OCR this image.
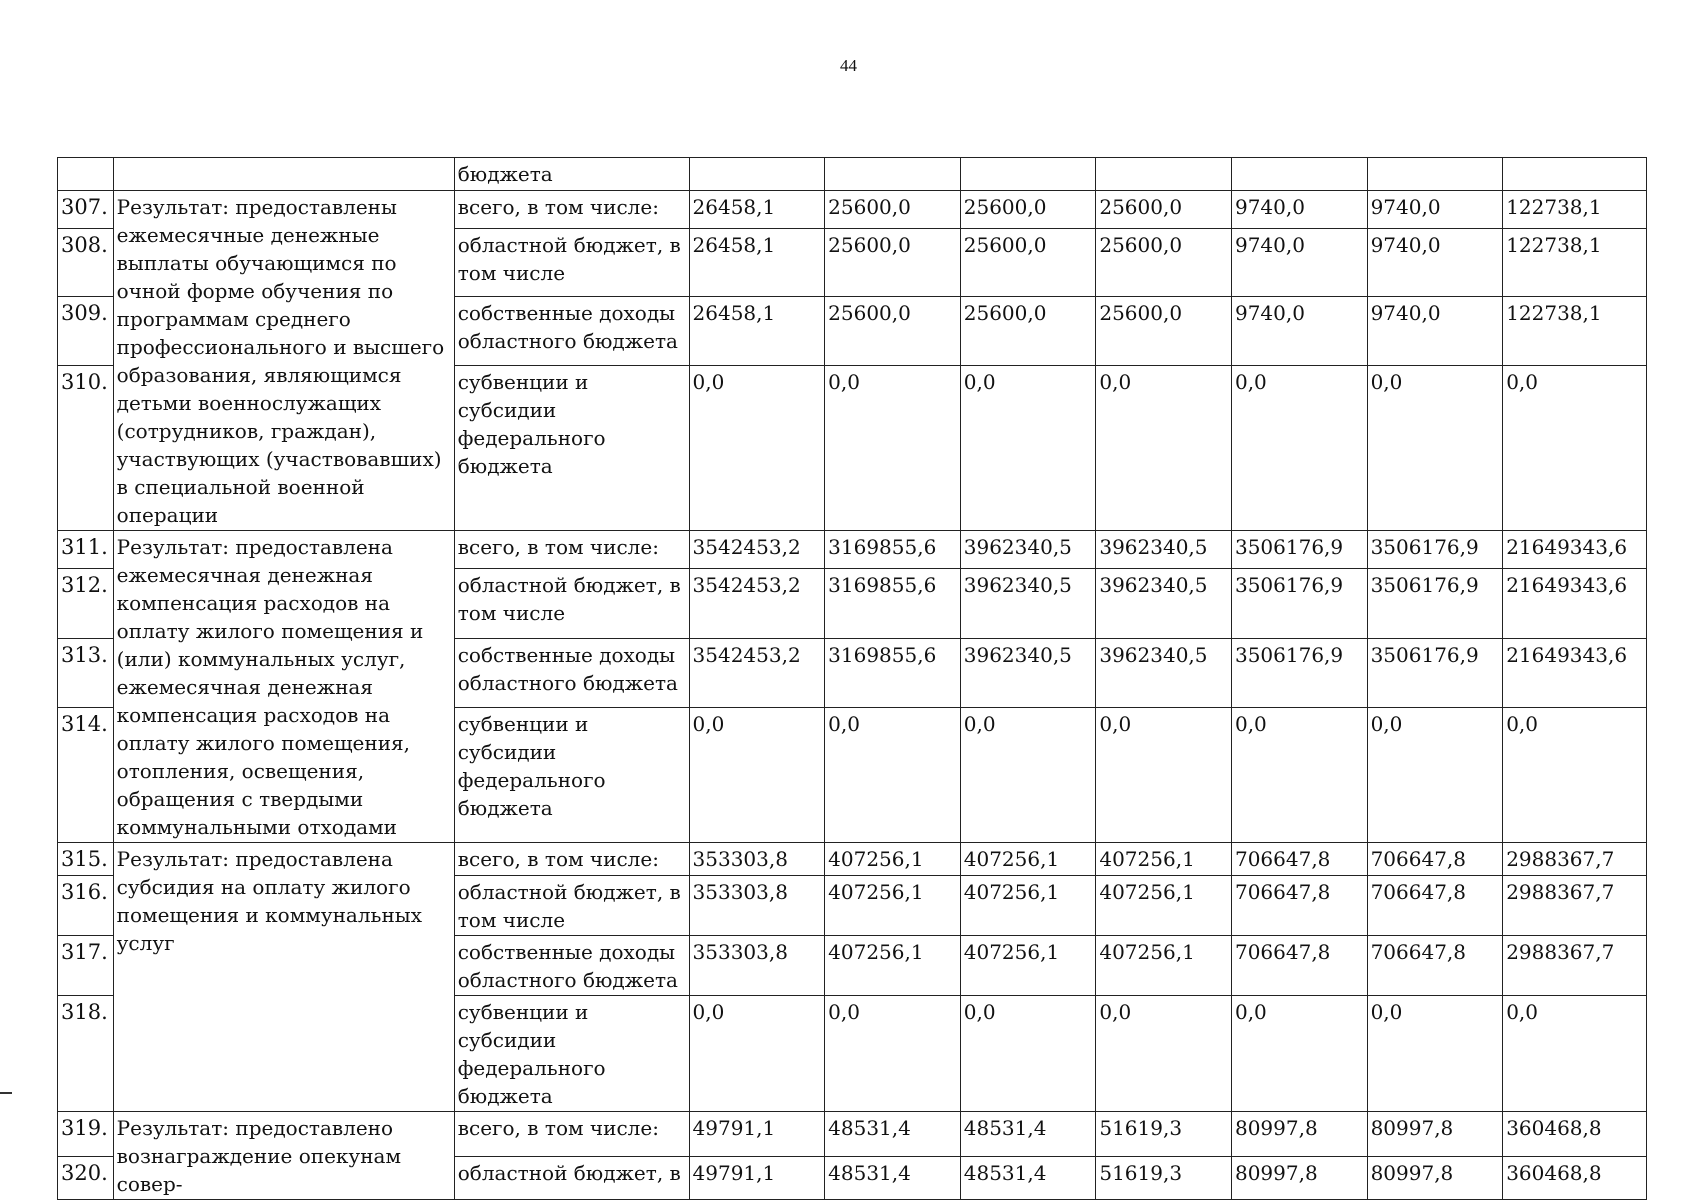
44
		бюджета							
307.	Результат: предоставлены ежемесячные денежные выплаты обучающимся по очной форме обучения по программам среднего профессионального и высшего образования, являющимся детьми военнослужащих (сотрудников, граждан), участвующих (участвовавших) в специальной военной операции	всего, в том числе:	26458,1	25600,0	25600,0	25600,0	9740,0	9740,0	122738,1
308.		областной бюджет, в том числе	26458,1	25600,0	25600,0	25600,0	9740,0	9740,0	122738,1
309.		собственные доходы областного бюджета	26458,1	25600,0	25600,0	25600,0	9740,0	9740,0	122738,1
310.		субвенции и субсидии федерального бюджета	0,0	0,0	0,0	0,0	0,0	0,0	0,0
311.	Результат: предоставлена ежемесячная денежная компенсация расходов на оплату жилого помещения и (или) коммунальных услуг, ежемесячная денежная компенсация расходов на оплату жилого помещения, отопления, освещения, обращения с твердыми коммунальными отходами	всего, в том числе:	3542453,2	3169855,6	3962340,5	3962340,5	3506176,9	3506176,9	21649343,6
312.		областной бюджет, в том числе	3542453,2	3169855,6	3962340,5	3962340,5	3506176,9	3506176,9	21649343,6
313.		собственные доходы областного бюджета	3542453,2	3169855,6	3962340,5	3962340,5	3506176,9	3506176,9	21649343,6
314.		субвенции и субсидии федерального бюджета	0,0	0,0	0,0	0,0	0,0	0,0	0,0
315.	Результат: предоставлена субсидия на оплату жилого помещения и коммунальных услуг	всего, в том числе:	353303,8	407256,1	407256,1	407256,1	706647,8	706647,8	2988367,7
316.		областной бюджет, в том числе	353303,8	407256,1	407256,1	407256,1	706647,8	706647,8	2988367,7
317.		собственные доходы областного бюджета	353303,8	407256,1	407256,1	407256,1	706647,8	706647,8	2988367,7
318.		субвенции и субсидии федерального бюджета	0,0	0,0	0,0	0,0	0,0	0,0	0,0
319.	Результат: предоставлено вознаграждение опекунам совер-	всего, в том числе:	49791,1	48531,4	48531,4	51619,3	80997,8	80997,8	360468,8
320.		областной бюджет, в	49791,1	48531,4	48531,4	51619,3	80997,8	80997,8	360468,8
